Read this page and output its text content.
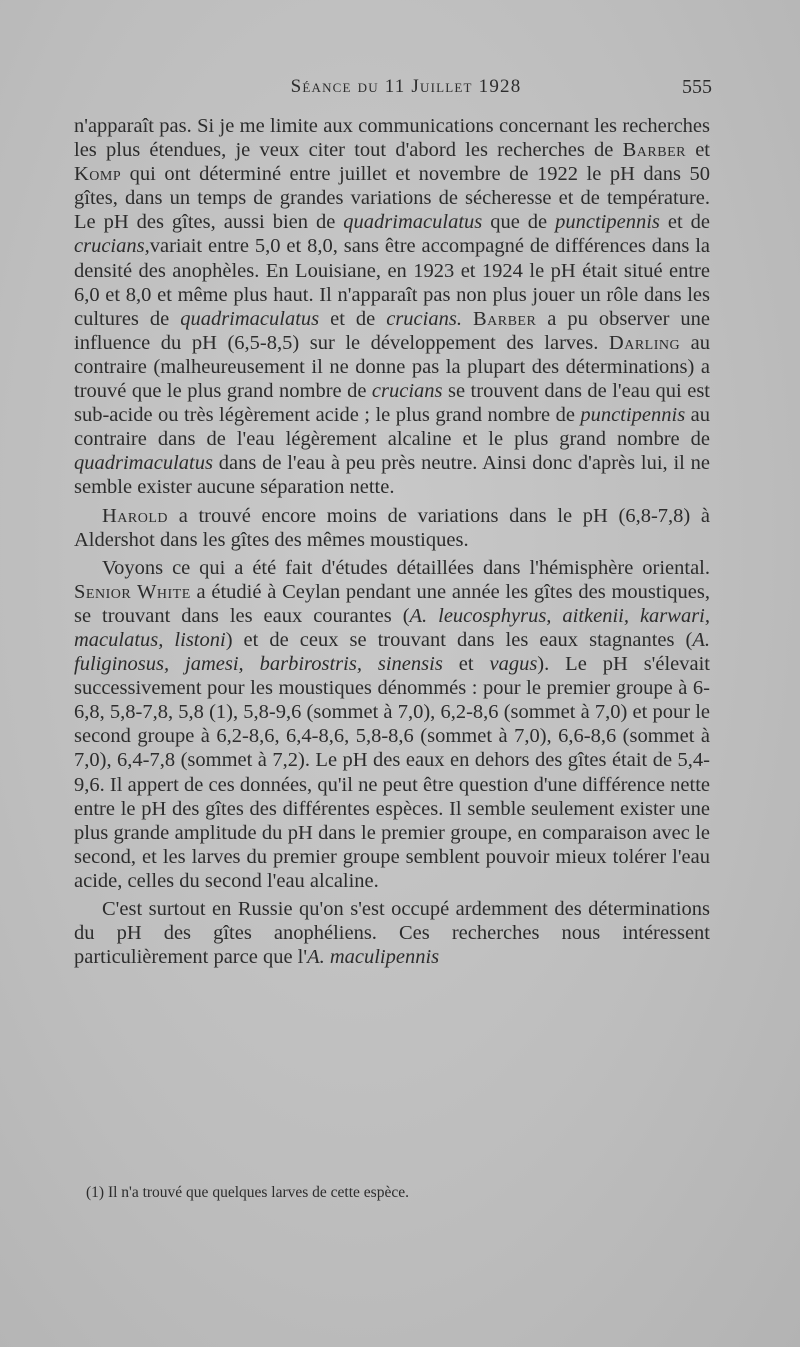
Séance du 11 Juillet 1928	555

n'apparaît pas. Si je me limite aux communications concernant les recherches les plus étendues, je veux citer tout d'abord les recherches de Barber et Komp qui ont déterminé entre juillet et novembre de 1922 le pH dans 50 gîtes, dans un temps de grandes variations de sécheresse et de température. Le pH des gîtes, aussi bien de quadrimaculatus que de punctipennis et de crucians,variait entre 5,0 et 8,0, sans être accompagné de différences dans la densité des anophèles. En Louisiane, en 1923 et 1924 le pH était situé entre 6,0 et 8,0 et même plus haut. Il n'apparaît pas non plus jouer un rôle dans les cultures de quadrimaculatus et de crucians. Barber a pu observer une influence du pH (6,5-8,5) sur le développement des larves. Darling au contraire (malheureusement il ne donne pas la plupart des déterminations) a trouvé que le plus grand nombre de crucians se trouvent dans de l'eau qui est sub-acide ou très légèrement acide ; le plus grand nombre de punctipennis au contraire dans de l'eau légèrement alcaline et le plus grand nombre de quadrimaculatus dans de l'eau à peu près neutre. Ainsi donc d'après lui, il ne semble exister aucune séparation nette.

Harold a trouvé encore moins de variations dans le pH (6,8-7,8) à Aldershot dans les gîtes des mêmes moustiques.

Voyons ce qui a été fait d'études détaillées dans l'hémisphère oriental. Senior White a étudié à Ceylan pendant une année les gîtes des moustiques, se trouvant dans les eaux courantes (A. leucosphyrus, aitkenii, karwari, maculatus, listoni) et de ceux se trouvant dans les eaux stagnantes (A. fuliginosus, jamesi, barbirostris, sinensis et vagus). Le pH s'élevait successivement pour les moustiques dénommés : pour le premier groupe à 6-6,8, 5,8-7,8, 5,8 (1), 5,8-9,6 (sommet à 7,0), 6,2-8,6 (sommet à 7,0) et pour le second groupe à 6,2-8,6, 6,4-8,6, 5,8-8,6 (sommet à 7,0), 6,6-8,6 (sommet à 7,0), 6,4-7,8 (sommet à 7,2). Le pH des eaux en dehors des gîtes était de 5,4-9,6. Il appert de ces données, qu'il ne peut être question d'une différence nette entre le pH des gîtes des différentes espèces. Il semble seulement exister une plus grande amplitude du pH dans le premier groupe, en comparaison avec le second, et les larves du premier groupe semblent pouvoir mieux tolérer l'eau acide, celles du second l'eau alcaline.

C'est surtout en Russie qu'on s'est occupé ardemment des déterminations du pH des gîtes anophéliens. Ces recherches nous intéressent particulièrement parce que l'A. maculipennis

(1) Il n'a trouvé que quelques larves de cette espèce.
